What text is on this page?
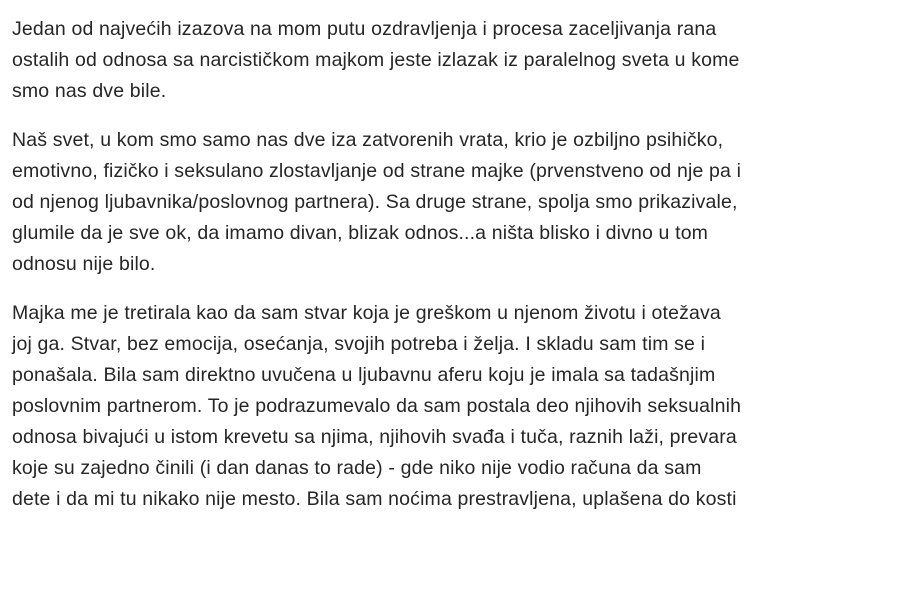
Jedan od najvećih izazova na mom putu ozdravljenja i procesa zaceljivanja rana
ostalih od odnosa sa narcističkom majkom jeste izlazak iz paralelnog sveta u kome
smo nas dve bile.
Naš svet, u kom smo samo nas dve iza zatvorenih vrata, krio je ozbiljno psihičko,
emotivno, fizičko i seksulano zlostavljanje od strane majke (prvenstveno od nje pa i
od njenog ljubavnika/poslovnog partnera). Sa druge strane, spolja smo prikazivale,
glumile da je sve ok, da imamo divan, blizak odnos...a ništa blisko i divno u tom
odnosu nije bilo.
Majka me je tretirala kao da sam stvar koja je greškom u njenom životu i otežava
joj ga. Stvar, bez emocija, osećanja, svojih potreba i želja. I skladu sam tim se i
ponašala. Bila sam direktno uvučena u ljubavnu aferu koju je imala sa tadašnjim
poslovnim partnerom. To je podrazumevalo da sam postala deo njihovih seksualnih
odnosa bivajući u istom krevetu sa njima, njihovih svađa i tuča, raznih laži, prevara
koje su zajedno činili (i dan danas to rade) - gde niko nije vodio računa da sam
dete i da mi tu nikako nije mesto. Bila sam noćima prestravljena, uplašena do kosti
